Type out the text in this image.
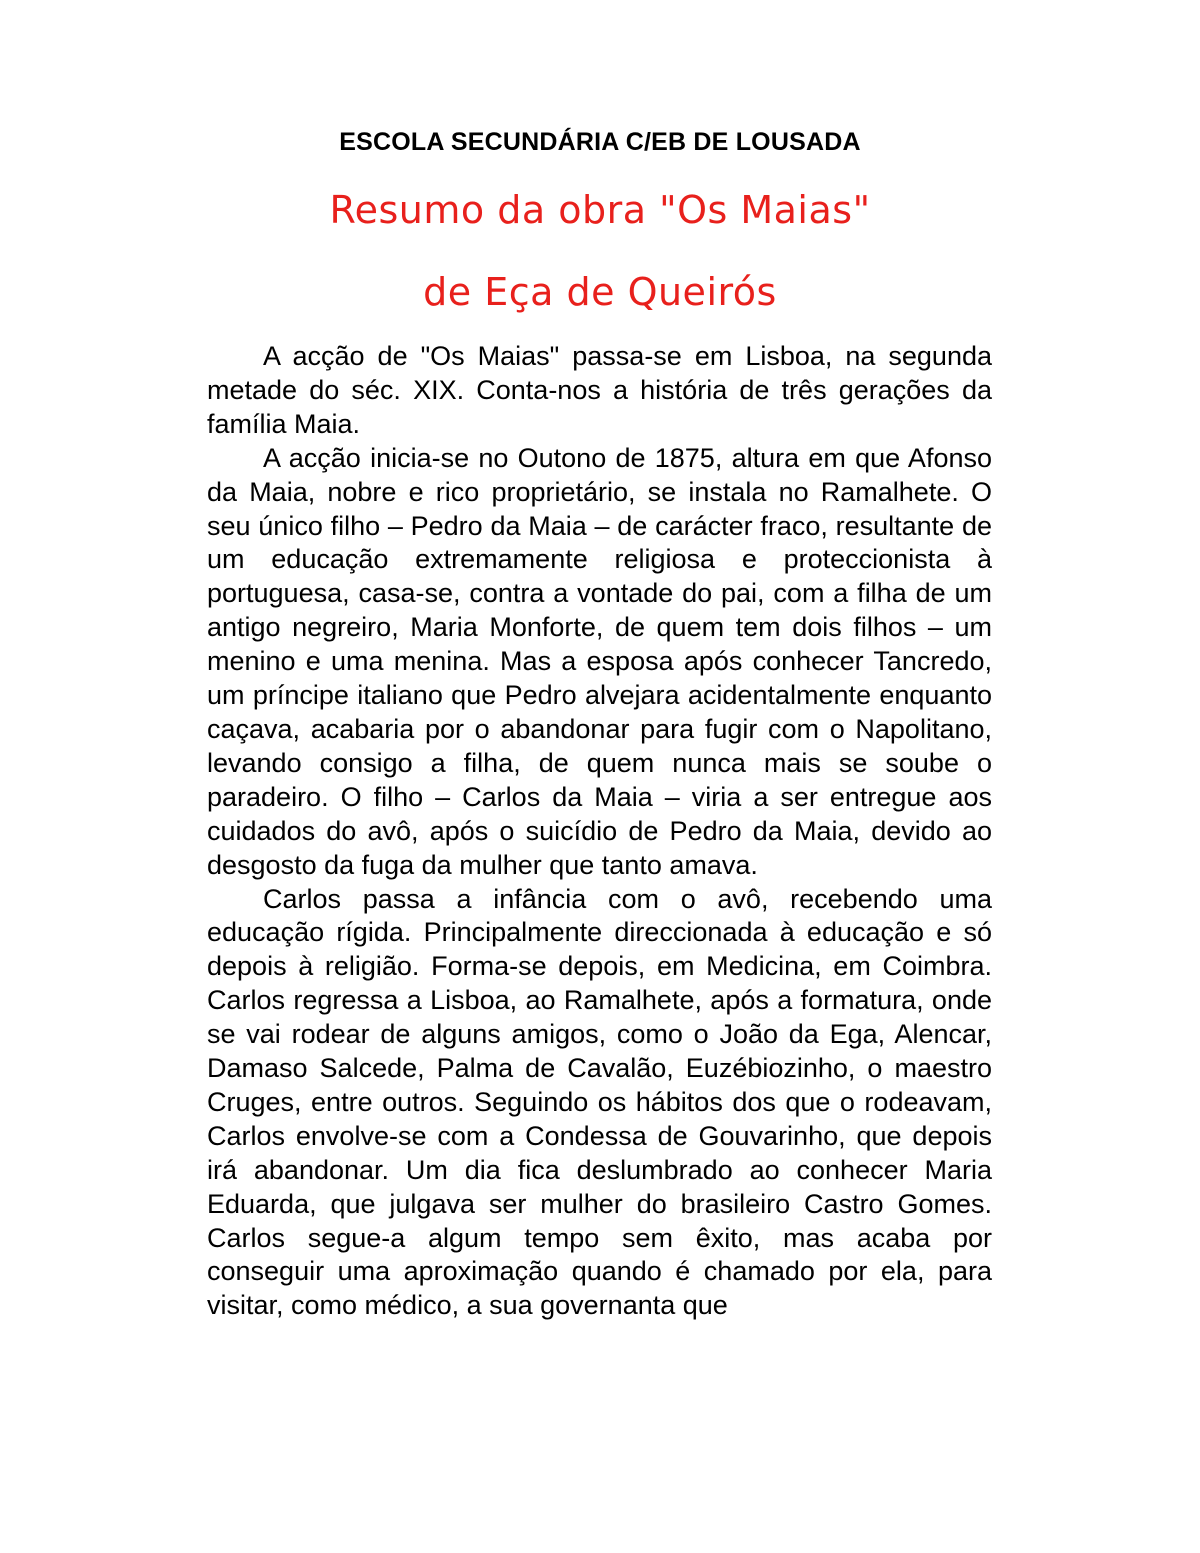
ESCOLA SECUNDÁRIA C/EB DE LOUSADA
Resumo da obra "Os Maias"
de Eça de Queirós

A acção de "Os Maias" passa-se em Lisboa, na segunda metade do séc. XIX. Conta-nos a história de três gerações da família Maia.

A acção inicia-se no Outono de 1875, altura em que Afonso da Maia, nobre e rico proprietário, se instala no Ramalhete. O seu único filho – Pedro da Maia – de carácter fraco, resultante de um educação extremamente religiosa e proteccionista à portuguesa, casa-se, contra a vontade do pai, com a filha de um antigo negreiro, Maria Monforte, de quem tem dois filhos – um menino e uma menina. Mas a esposa após conhecer Tancredo, um príncipe italiano que Pedro alvejara acidentalmente enquanto caçava, acabaria por o abandonar para fugir com o Napolitano, levando consigo a filha, de quem nunca mais se soube o paradeiro. O filho – Carlos da Maia – viria a ser entregue aos cuidados do avô, após o suicídio de Pedro da Maia, devido ao desgosto da fuga da mulher que tanto amava.

Carlos passa a infância com o avô, recebendo uma educação rígida. Principalmente direccionada à educação e só depois à religião. Forma-se depois, em Medicina, em Coimbra. Carlos regressa a Lisboa, ao Ramalhete, após a formatura, onde se vai rodear de alguns amigos, como o João da Ega, Alencar, Damaso Salcede, Palma de Cavalão, Euzébiozinho, o maestro Cruges, entre outros. Seguindo os hábitos dos que o rodeavam, Carlos envolve-se com a Condessa de Gouvarinho, que depois irá abandonar. Um dia fica deslumbrado ao conhecer Maria Eduarda, que julgava ser mulher do brasileiro Castro Gomes. Carlos segue-a algum tempo sem êxito, mas acaba por conseguir uma aproximação quando é chamado por ela, para visitar, como médico, a sua governanta que
